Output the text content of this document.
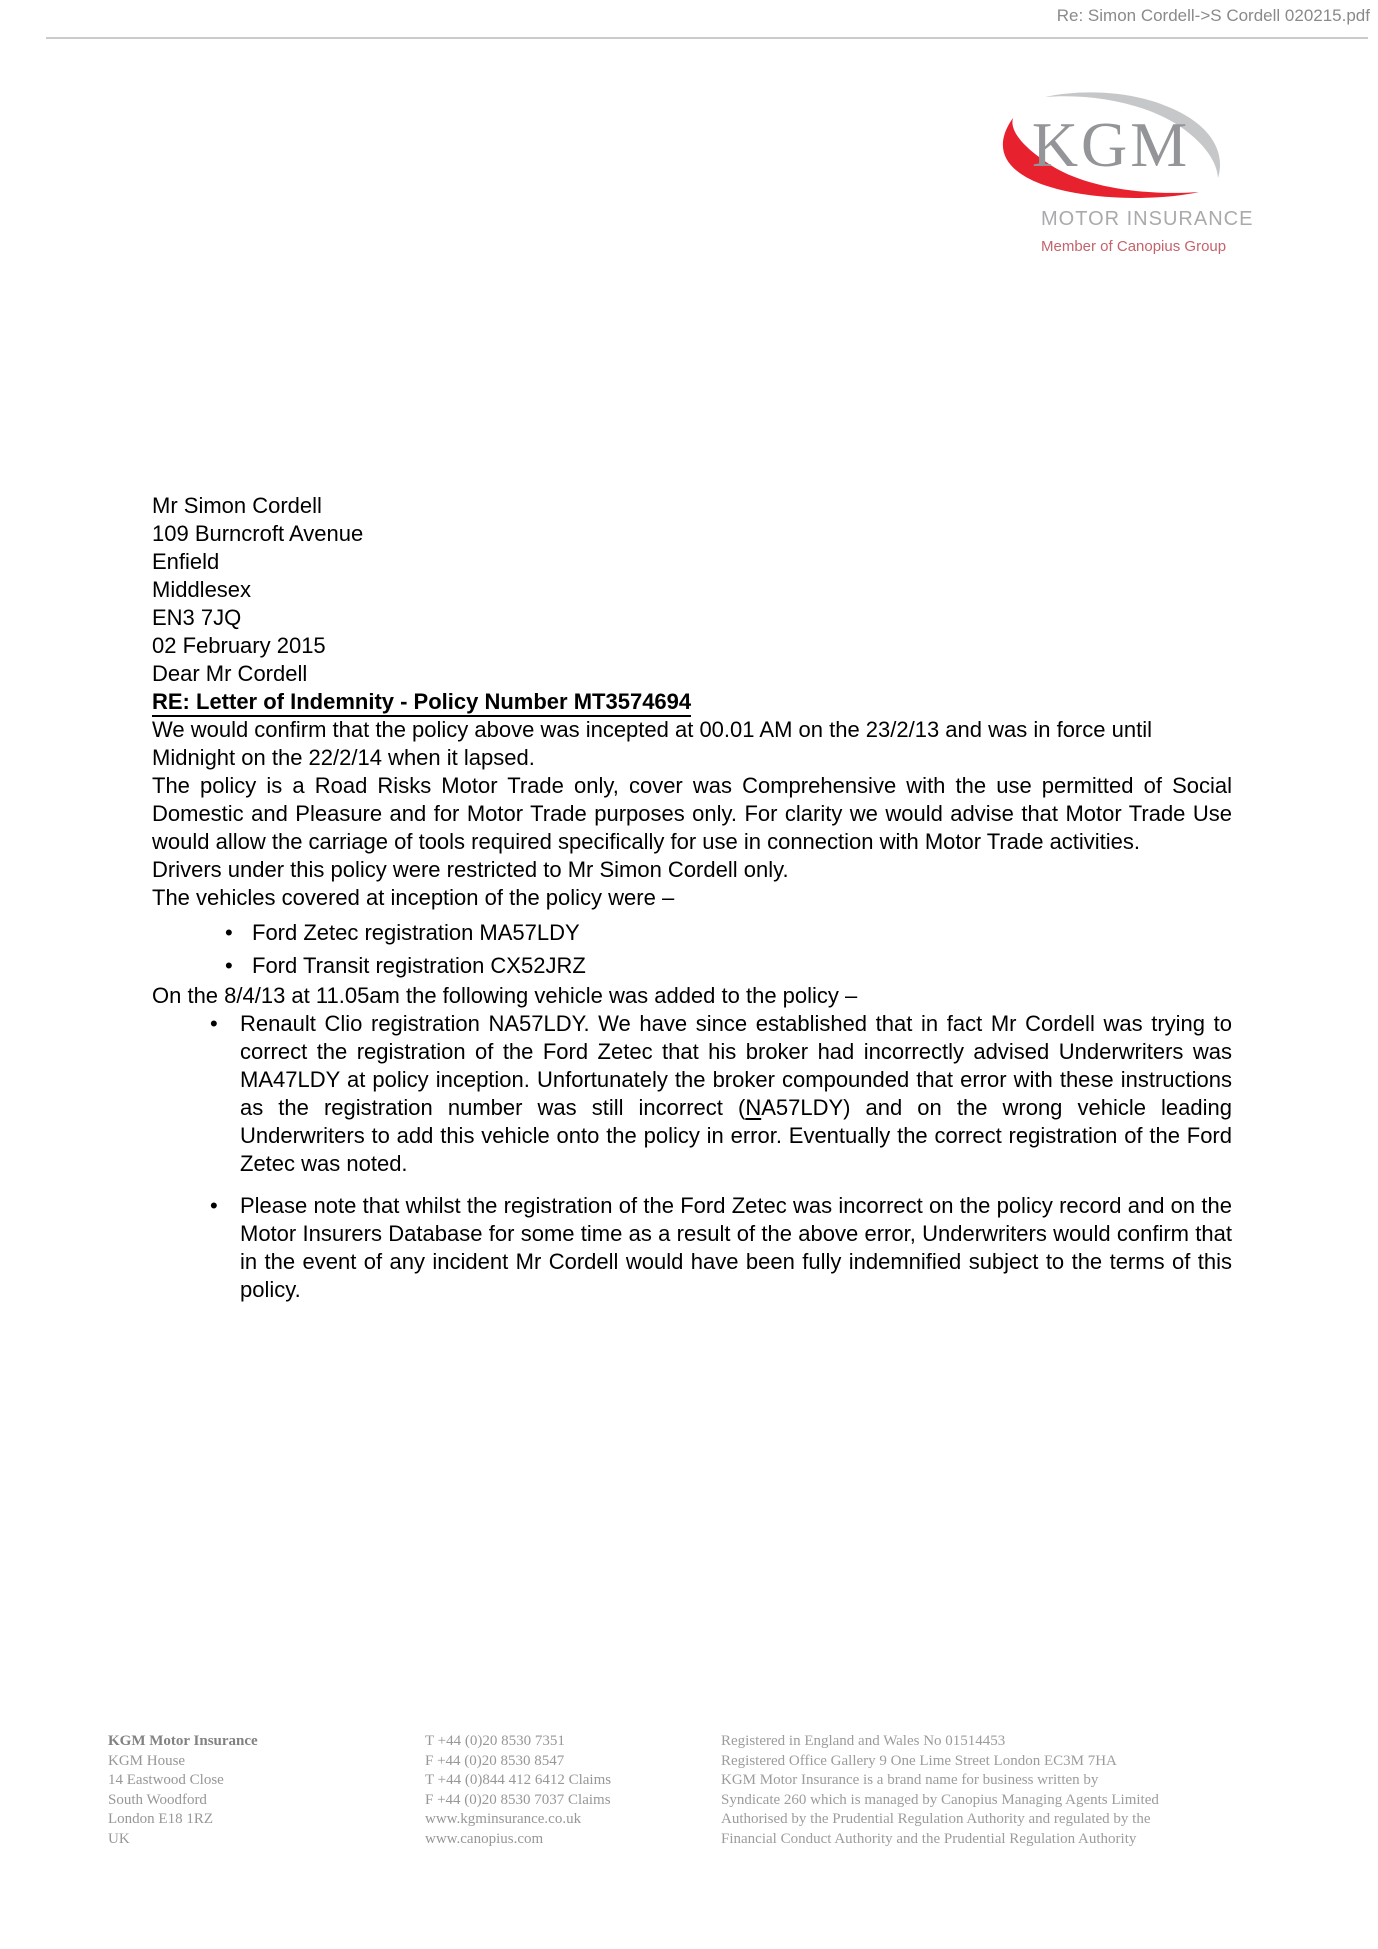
Re: Simon Cordell->S Cordell 020215.pdf
KGM
MOTOR INSURANCE
Member of Canopius Group
Mr Simon Cordell
109 Burncroft Avenue
Enfield
Middlesex
EN3 7JQ

02 February 2015

Dear Mr Cordell

RE: Letter of Indemnity - Policy Number MT3574694

We would confirm that the policy above was incepted at 00.01 AM on the 23/2/13 and was in force until Midnight on the 22/2/14 when it lapsed.

The policy is a Road Risks Motor Trade only, cover was Comprehensive with the use permitted of Social Domestic and Pleasure and for Motor Trade purposes only. For clarity we would advise that Motor Trade Use would allow the carriage of tools required specifically for use in connection with Motor Trade activities.

Drivers under this policy were restricted to Mr Simon Cordell only.

The vehicles covered at inception of the policy were –

• Ford Zetec registration MA57LDY
• Ford Transit registration CX52JRZ

On the 8/4/13 at 11.05am the following vehicle was added to the policy –

• Renault Clio registration NA57LDY. We have since established that in fact Mr Cordell was trying to correct the registration of the Ford Zetec that his broker had incorrectly advised Underwriters was MA47LDY at policy inception. Unfortunately the broker compounded that error with these instructions as the registration number was still incorrect (NA57LDY) and on the wrong vehicle leading Underwriters to add this vehicle onto the policy in error. Eventually the correct registration of the Ford Zetec was noted.
• Please note that whilst the registration of the Ford Zetec was incorrect on the policy record and on the Motor Insurers Database for some time as a result of the above error, Underwriters would confirm that in the event of any incident Mr Cordell would have been fully indemnified subject to the terms of this policy.
KGM Motor Insurance
KGM House
14 Eastwood Close
South Woodford
London E18 1RZ
UK
T +44 (0)20 8530 7351
F +44 (0)20 8530 8547
T +44 (0)844 412 6412 Claims
F +44 (0)20 8530 7037 Claims
www.kgminsurance.co.uk
www.canopius.com
Registered in England and Wales No 01514453
Registered Office Gallery 9 One Lime Street London EC3M 7HA
KGM Motor Insurance is a brand name for business written by
Syndicate 260 which is managed by Canopius Managing Agents Limited
Authorised by the Prudential Regulation Authority and regulated by the
Financial Conduct Authority and the Prudential Regulation Authority
